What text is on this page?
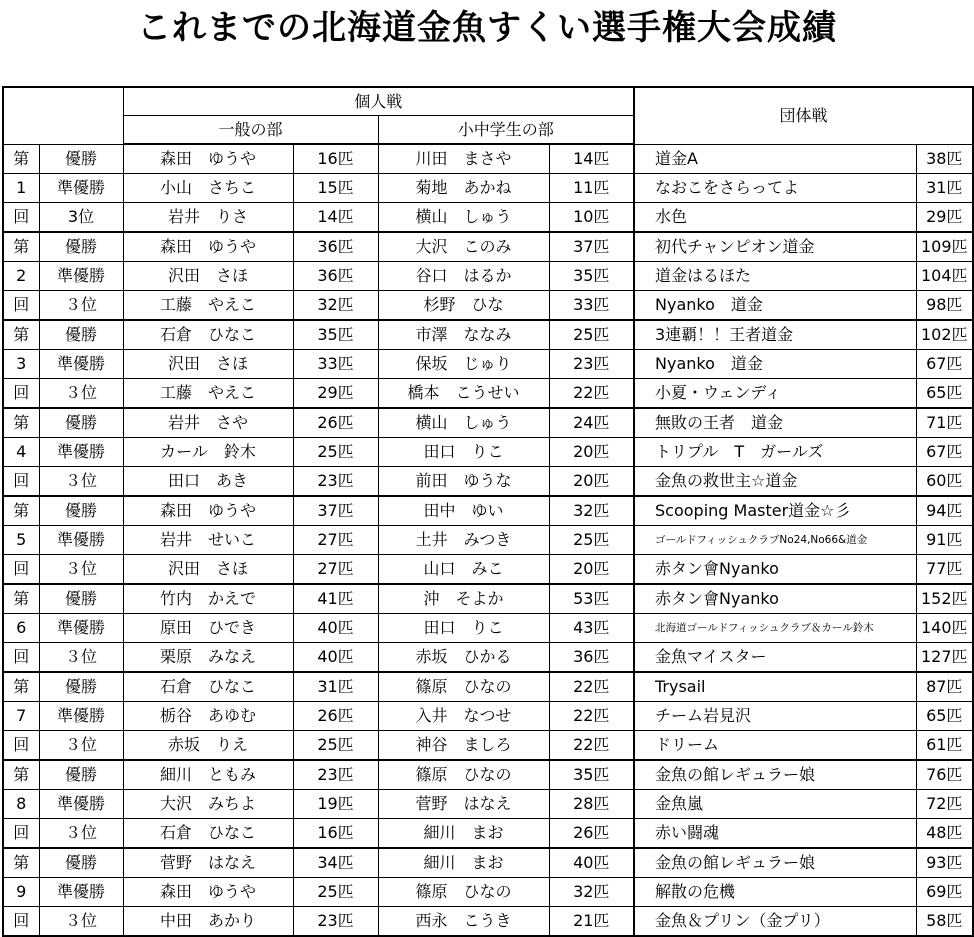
これまでの北海道金魚すくい選手権大会成績
		個人戦				団体戦	
		一般の部		小中学生の部			
第	優勝	森田　ゆうや	16匹	川田　まさや	14匹	道金A	38匹
1	準優勝	小山　さちこ	15匹	菊地　あかね	11匹	なおこをさらってよ	31匹
回	3位	岩井　りさ	14匹	横山　しゅう	10匹	水色	29匹
第	優勝	森田　ゆうや	36匹	大沢　このみ	37匹	初代チャンピオン道金	109匹
2	準優勝	沢田　さほ	36匹	谷口　はるか	35匹	道金はるほた	104匹
回	３位	工藤　やえこ	32匹	杉野　ひな	33匹	Nyanko　道金	98匹
第	優勝	石倉　ひなこ	35匹	市澤　ななみ	25匹	3連覇！！王者道金	102匹
3	準優勝	沢田　さほ	33匹	保坂　じゅり	23匹	Nyanko　道金	67匹
回	３位	工藤　やえこ	29匹	橋本　こうせい	22匹	小夏・ウェンディ	65匹
第	優勝	岩井　さや	26匹	横山　しゅう	24匹	無敗の王者　道金	71匹
4	準優勝	カール　鈴木	25匹	田口　りこ	20匹	トリプル　T　ガールズ	67匹
回	３位	田口　あき	23匹	前田　ゆうな	20匹	金魚の救世主☆道金	60匹
第	優勝	森田　ゆうや	37匹	田中　ゆい	32匹	Scooping Master道金☆彡	94匹
5	準優勝	岩井　せいこ	27匹	土井　みつき	25匹	ゴールドフィッシュクラブNo24,No66&道金	91匹
回	３位	沢田　さほ	27匹	山口　みこ	20匹	赤タン會Nyanko	77匹
第	優勝	竹内　かえで	41匹	沖　そよか	53匹	赤タン會Nyanko	152匹
6	準優勝	原田　ひでき	40匹	田口　りこ	43匹	北海道ゴールドフィッシュクラブ＆カール鈴木	140匹
回	３位	栗原　みなえ	40匹	赤坂　ひかる	36匹	金魚マイスター	127匹
第	優勝	石倉　ひなこ	31匹	篠原　ひなの	22匹	Trysail	87匹
7	準優勝	栃谷　あゆむ	26匹	入井　なつせ	22匹	チーム岩見沢	65匹
回	３位	赤坂　りえ	25匹	神谷　ましろ	22匹	ドリーム	61匹
第	優勝	細川　ともみ	23匹	篠原　ひなの	35匹	金魚の館レギュラー娘	76匹
8	準優勝	大沢　みちよ	19匹	菅野　はなえ	28匹	金魚嵐	72匹
回	３位	石倉　ひなこ	16匹	細川　まお	26匹	赤い闘魂	48匹
第	優勝	菅野　はなえ	34匹	細川　まお	40匹	金魚の館レギュラー娘	93匹
9	準優勝	森田　ゆうや	25匹	篠原　ひなの	32匹	解散の危機	69匹
回	３位	中田　あかり	23匹	西永　こうき	21匹	金魚＆プリン（金プリ）	58匹
